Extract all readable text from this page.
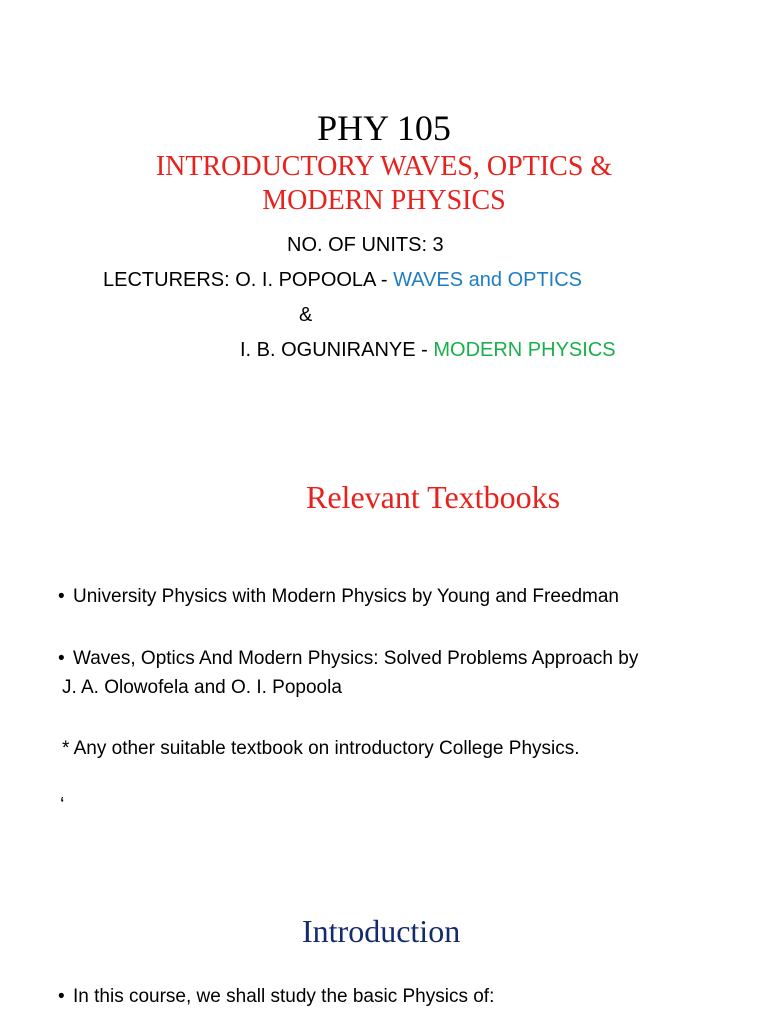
PHY 105
INTRODUCTORY WAVES, OPTICS &
MODERN PHYSICS
NO. OF UNITS: 3
LECTURERS: O. I. POPOOLA - WAVES and OPTICS
&
I. B. OGUNIRANYE - MODERN PHYSICS
Relevant Textbooks
• University Physics with Modern Physics by Young and Freedman
• Waves, Optics And Modern Physics: Solved Problems Approach by
J. A. Olowofela and O. I. Popoola
* Any other suitable textbook on introductory College Physics.
‘
Introduction
• In this course, we shall study the basic Physics of:
